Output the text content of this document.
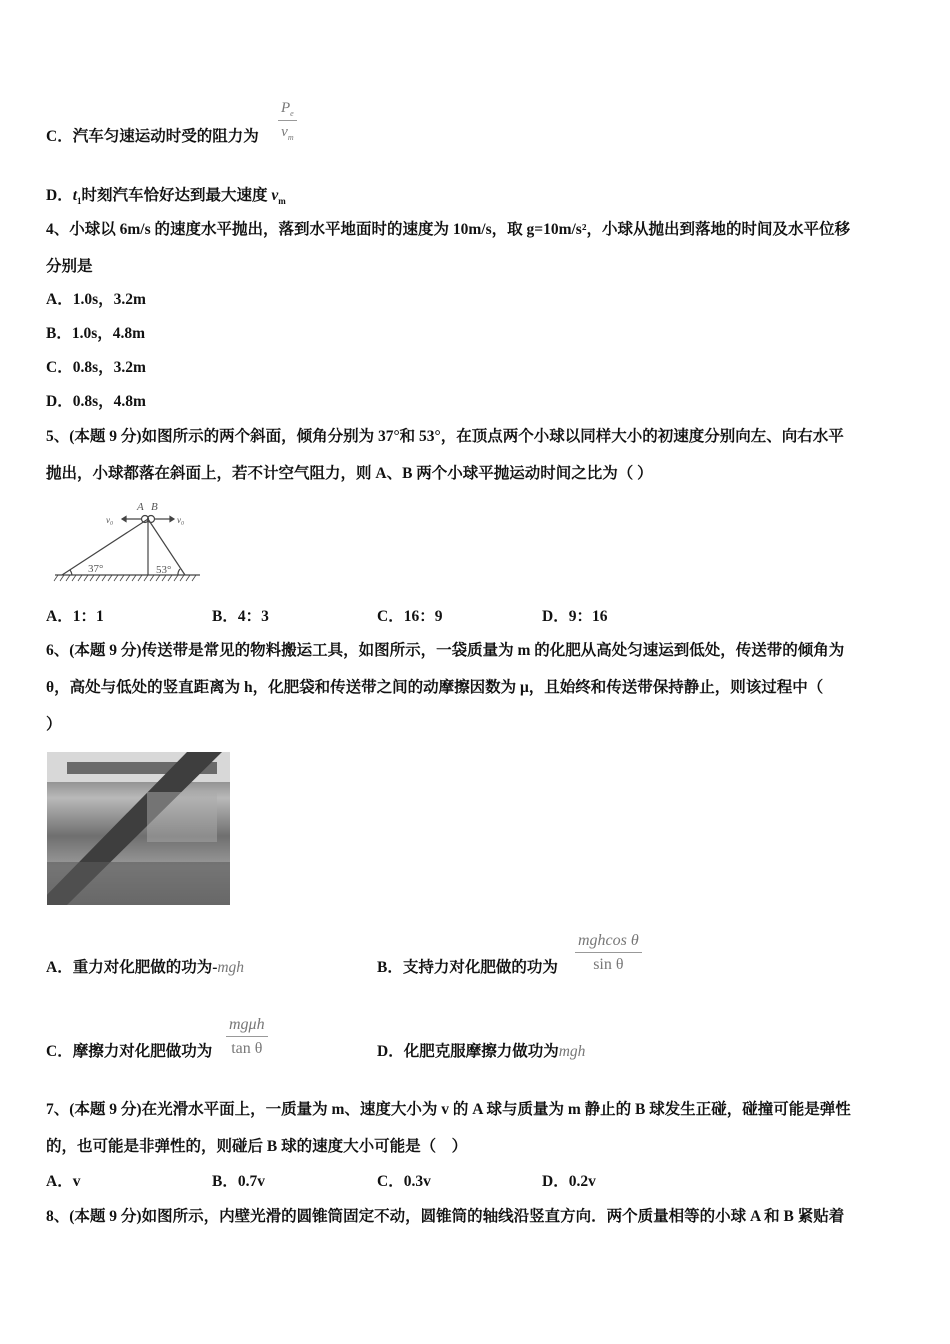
C．汽车匀速运动时受的阻力为 $\frac{P_e}{v_m}$
D．$t_1$时刻汽车恰好达到最大速度 $v_m$
4、小球以 6m/s 的速度水平抛出，落到水平地面时的速度为 10m/s，取 g=10m/s²，小球从抛出到落地的时间及水平位移
分别是
A．1.0s，3.2m
B．1.0s，4.8m
C．0.8s，3.2m
D．0.8s，4.8m
5、(本题 9 分)如图所示的两个斜面，倾角分别为 37°和 53°，在顶点两个小球以同样大小的初速度分别向左、向右水平
抛出，小球都落在斜面上，若不计空气阻力，则 A、B 两个小球平抛运动时间之比为（ ）
A B
v₀	v₀
37°	53°
A．1：1	B．4：3	C．16：9	D．9：16
6、(本题 9 分)传送带是常见的物料搬运工具，如图所示，一袋质量为 m 的化肥从高处匀速运到低处，传送带的倾角为
θ，高处与低处的竖直距离为 h，化肥袋和传送带之间的动摩擦因数为 μ，且始终和传送带保持静止，则该过程中（
）
A．重力对化肥做的功为-mgh	B．支持力对化肥做的功为
mghcos θ
sin θ
C．摩擦力对化肥做功为
mgμh
tan θ	D．化肥克服摩擦力做功为mgh
7、(本题 9 分)在光滑水平面上，一质量为 m、速度大小为 v 的 A 球与质量为 m 静止的 B 球发生正碰，碰撞可能是弹性
的，也可能是非弹性的，则碰后 B 球的速度大小可能是（　）
A．v	B．0.7v	C．0.3v	D．0.2v
8、(本题 9 分)如图所示，内壁光滑的圆锥筒固定不动，圆锥筒的轴线沿竖直方向．两个质量相等的小球 A 和 B 紧贴着
